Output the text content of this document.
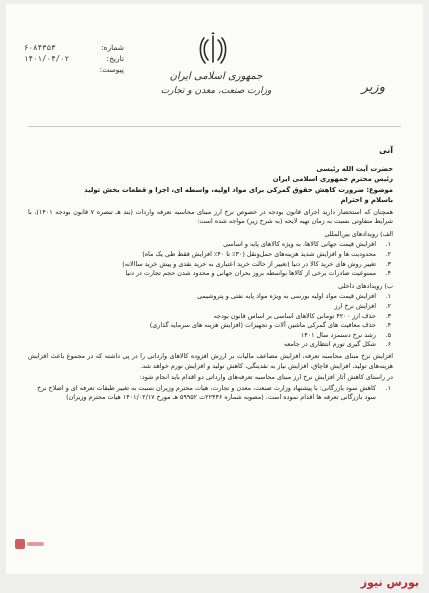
شماره:
۶۰۸۴۳۵۳
تاریخ:
۱۴۰۱/۰۴/۰۲
پیوست:
جمهوری اسلامی ایران
وزارت صنعت، معدن و تجارت	وزیر
آنی
حضرت آیت الله رئیسی
رئیس محترم جمهوری اسلامی ایران
موضوع: ضرورت کاهش حقوق گمرکی برای مواد اولیه، واسطه ای، اجزا و قطعات بخش تولید
باسلام و احترام
همچنان که استحضار دارید اجرای قانون بودجه در خصوص نرخ ارز مبنای محاسبه تعرفه واردات (بند هـ تبصره ۷ قانون بودجه ۱۴۰۱)، با شرایط متفاوتی نسبت به زمان تهیه لایحه (به شرح زیر) مواجه شده است:
الف) رویدادهای بین‌المللی
۱.
افزایش قیمت جهانی کالاها، به ویژه کالاهای پایه و اساسی
۲.
محدودیت ها و افزایش شدید هزینه‌های حمل‌ونقل (۳۰٪ تا ۴۰٪ افزایش فقط طی یک ماه)
۳.
تغییر روش های خرید کالا در دنیا (تغییر از حالت خرید اعتباری به خرید نقدی و پیش خرید ساالانه)
۴.
ممنوعیت صادرات برخی از کالاها بواسطه بروز بحران جهانی و محدود شدن حجم تجارت در دنیا
ب) رویدادهای داخلی
۱.
افزایش قیمت مواد اولیه بورسی به ویژه مواد پایه نفتی و پتروشیمی
۲.
افزایش نرخ ارز
۳.
حذف ارز ۴۲۰۰ تومانی کالاهای اساسی بر اساس قانون بودجه
۴.
حذف معافیت های گمرکی ماشین آلات و تجهیزات (افزایش هزینه های سرمایه گذاری)
۵.
رشد نرخ دستمزد سال ۱۴۰۱
۶.
شکل گیری تورم انتظاری در جامعه
افزایش نرخ مبنای محاسبه تعرفه، افزایش مضاعف مالیات بر ارزش افزوده کالاهای وارداتی را در پی داشته که در مجموع باعث افزایش هزینه‌های تولید، افزایش قاچاق، افزایش نیاز به نقدینگی، کاهش تولید و افزایش تورم خواهد شد.
در راستای کاهش آثار افزایش نرخ ارز مبنای محاسبه تعرفه‌های وارداتی دو اقدام باید انجام شود:
۱.
کاهش سود بازرگانی: با پیشنهاد وزارت صنعت، معدن و تجارت، هیات محترم وزیران نسبت به تغییر طبقات تعرفه ای و اصلاح نرخ سود بازرگانی تعرفه ها اقدام نموده است. (مصوبه شماره ۲۲۴۴۶ت ۵۹۹۵۲ هـ مورخ ۱۴۰۱/۰۲/۱۷ هیات محترم وزیران)
بورس نیوز
